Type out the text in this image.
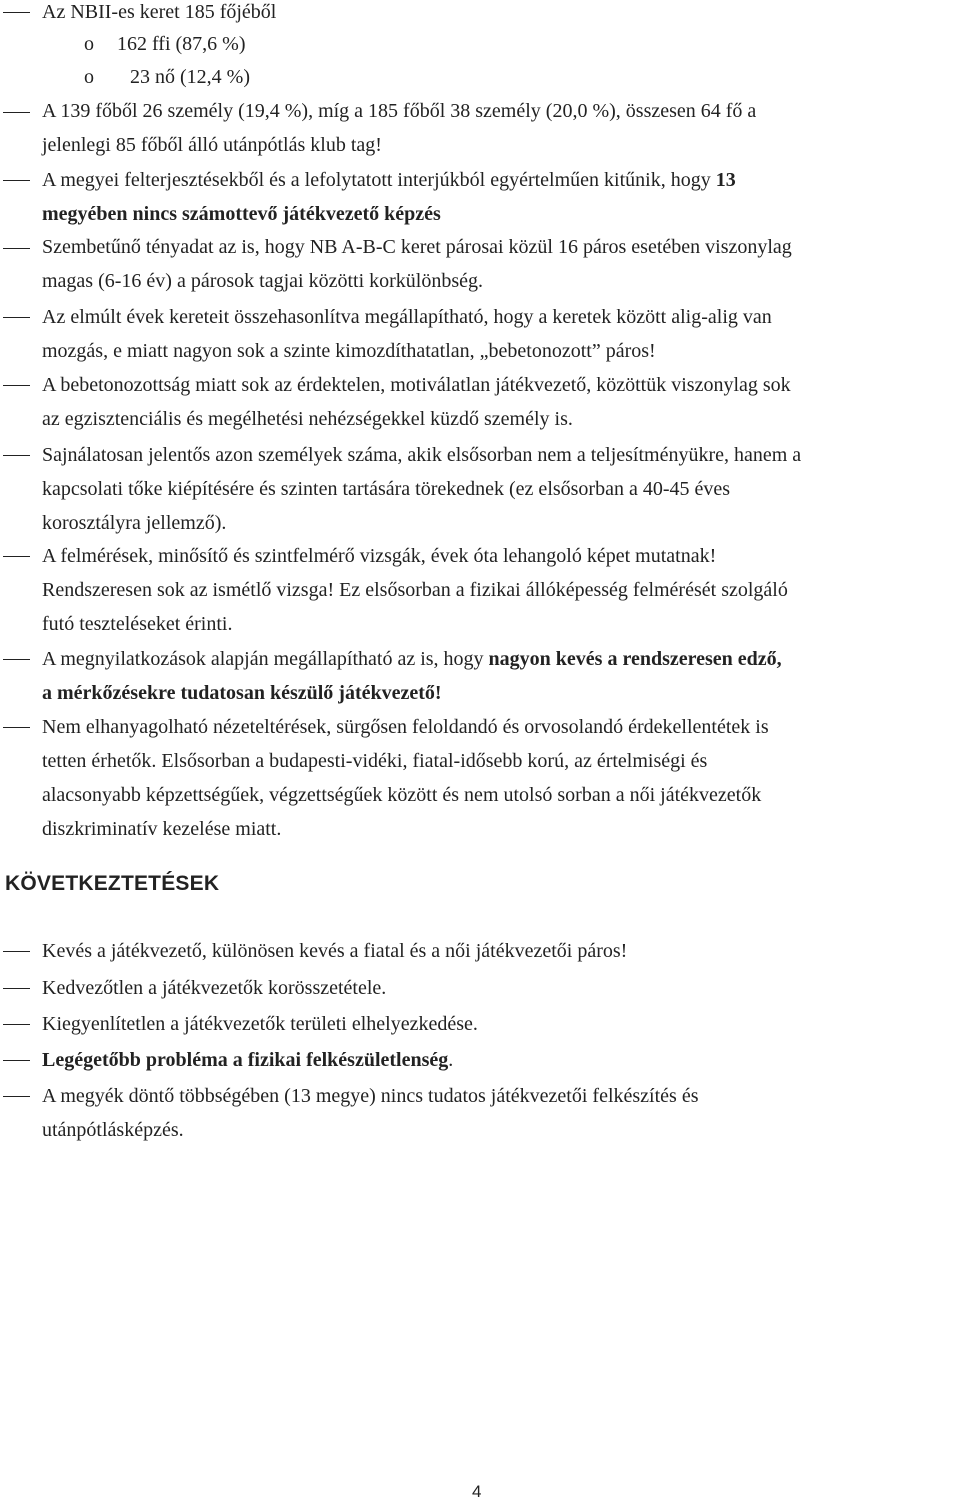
Az NBII-es keret 185 főjéből
o 162 ffi (87,6 %)
o 23 nő (12,4 %)
A 139 főből 26 személy (19,4 %), míg a 185 főből 38 személy (20,0 %), összesen 64 fő a
jelenlegi 85 főből álló utánpótlás klub tag!
A megyei felterjesztésekből és a lefolytatott interjúkból egyértelműen kitűnik, hogy 13
megyében nincs számottevő játékvezető képzés
Szembetűnő tényadat az is, hogy NB A-B-C keret párosai közül 16 páros esetében viszonylag
magas (6-16 év) a párosok tagjai közötti korkülönbség.
Az elmúlt évek kereteit összehasonlítva megállapítható, hogy a keretek között alig-alig van
mozgás, e miatt nagyon sok a szinte kimozdíthatatlan, „bebetonozott” páros!
A bebetonozottság miatt sok az érdektelen, motiválatlan játékvezető, közöttük viszonylag sok
az egzisztenciális és megélhetési nehézségekkel küzdő személy is.
Sajnálatosan jelentős azon személyek száma, akik elsősorban nem a teljesítményükre, hanem a
kapcsolati tőke kiépítésére és szinten tartására törekednek (ez elsősorban a 40-45 éves
korosztályra jellemző).
A felmérések, minősítő és szintfelmérő vizsgák, évek óta lehangoló képet mutatnak!
Rendszeresen sok az ismétlő vizsga! Ez elsősorban a fizikai állóképesség felmérését szolgáló
futó teszteléseket érinti.
A megnyilatkozások alapján megállapítható az is, hogy nagyon kevés a rendszeresen edző,
a mérkőzésekre tudatosan készülő játékvezető!
Nem elhanyagolható nézeteltérések, sürgősen feloldandó és orvosolandó érdekellentétek is
tetten érhetők. Elsősorban a budapesti-vidéki, fiatal-idősebb korú, az értelmiségi és
alacsonyabb képzettségűek, végzettségűek között és nem utolsó sorban a női játékvezetők
diszkriminatív kezelése miatt.
KÖVETKEZTETÉSEK
Kevés a játékvezető, különösen kevés a fiatal és a női játékvezetői páros!
Kedvezőtlen a játékvezetők korösszetétele.
Kiegyenlítetlen a játékvezetők területi elhelyezkedése.
Legégetőbb probléma a fizikai felkészületlenség.
A megyék döntő többségében (13 megye) nincs tudatos játékvezetői felkészítés és
utánpótlásképzés.
4
